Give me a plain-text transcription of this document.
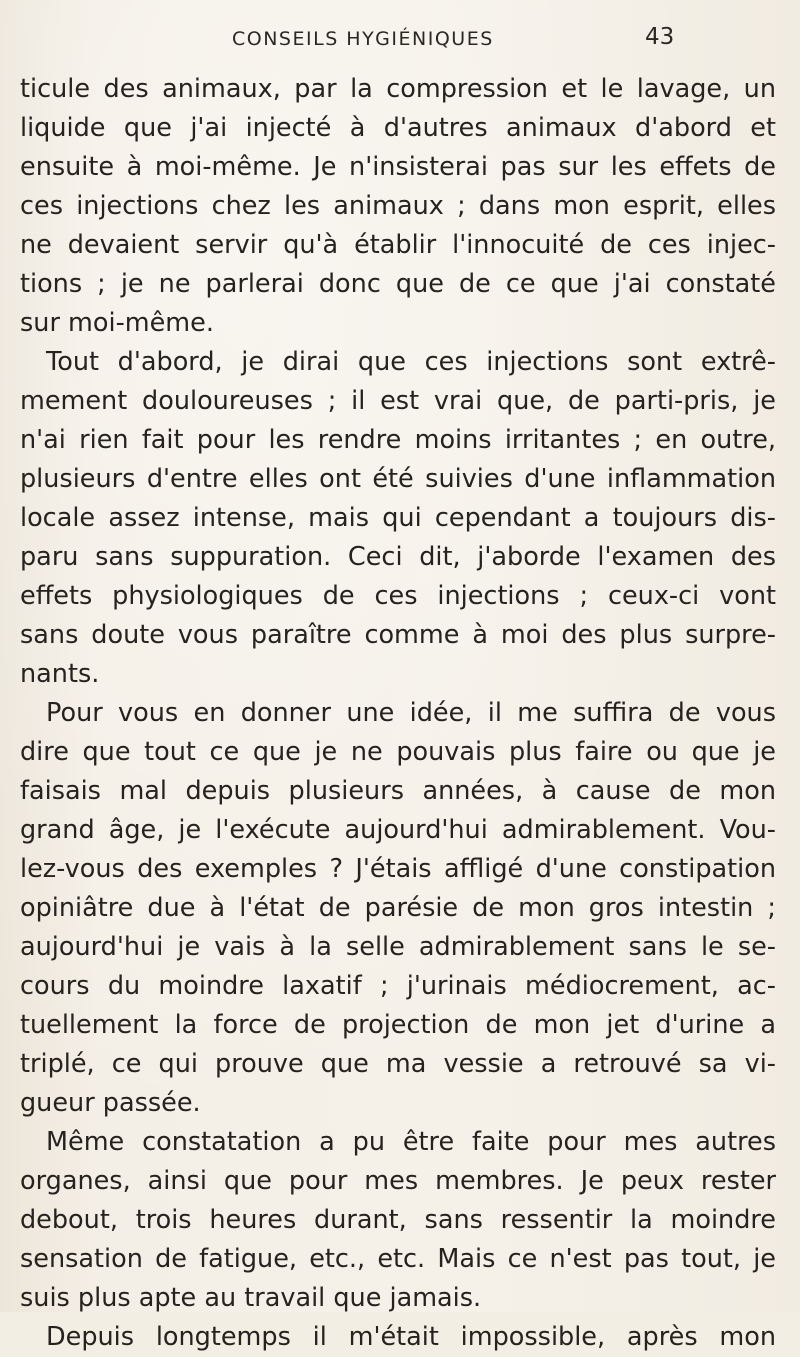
CONSEILS HYGIÉNIQUES	43
ticule des animaux, par la compression et le lavage, un
liquide que j'ai injecté à d'autres animaux d'abord et
ensuite à moi-même. Je n'insisterai pas sur les effets de
ces injections chez les animaux ; dans mon esprit, elles
ne devaient servir qu'à établir l'innocuité de ces injec-
tions ; je ne parlerai donc que de ce que j'ai constaté
sur moi-même.
Tout d'abord, je dirai que ces injections sont extrê-
mement douloureuses ; il est vrai que, de parti-pris, je
n'ai rien fait pour les rendre moins irritantes ; en outre,
plusieurs d'entre elles ont été suivies d'une inflammation
locale assez intense, mais qui cependant a toujours dis-
paru sans suppuration. Ceci dit, j'aborde l'examen des
effets physiologiques de ces injections ; ceux-ci vont
sans doute vous paraître comme à moi des plus surpre-
nants.
Pour vous en donner une idée, il me suffira de vous
dire que tout ce que je ne pouvais plus faire ou que je
faisais mal depuis plusieurs années, à cause de mon
grand âge, je l'exécute aujourd'hui admirablement. Vou-
lez-vous des exemples ? J'étais affligé d'une constipation
opiniâtre due à l'état de parésie de mon gros intestin ;
aujourd'hui je vais à la selle admirablement sans le se-
cours du moindre laxatif ; j'urinais médiocrement, ac-
tuellement la force de projection de mon jet d'urine a
triplé, ce qui prouve que ma vessie a retrouvé sa vi-
gueur passée.
Même constatation a pu être faite pour mes autres
organes, ainsi que pour mes membres. Je peux rester
debout, trois heures durant, sans ressentir la moindre
sensation de fatigue, etc., etc. Mais ce n'est pas tout, je
suis plus apte au travail que jamais.
Depuis longtemps il m'était impossible, après mon
